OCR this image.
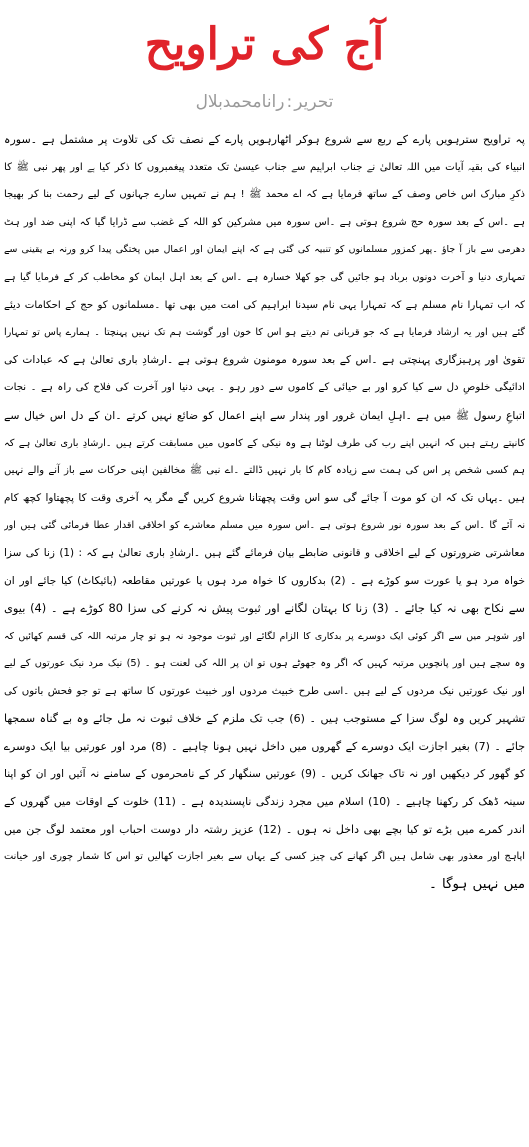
آج کی تراویح
تحریر:رانامحمدبلال
پہ تراویح سترہویں پارے کے ربع سے شروع ہوکر اٹھارہویں پارے کے نصف تک کی تلاوت پر مشتمل ہے ۔سورہ
انبیاء کی بقیہ آیات میں اللہ تعالیٰ نے جناب ابراہیم سے جناب عیسیٰ تک متعدد پیغمبروں کا ذکر کیا ہے اور پھر نبی ﷺ کا
ذکرِ مبارک اس خاص وصف کے ساتھ فرمایا ہے کہ اے محمد ﷺ ! ہم نے تمہیں سارے جہانوں کے لیے رحمت بنا کر بھیجا
ہے ۔اس کے بعد سورہ حج شروع ہوتی ہے ۔اس سورہ میں مشرکین کو اللہ کے غضب سے ڈرایا گیا کہ اپنی ضد اور ہٹ
دھرمی سے باز آ جاؤ ۔پھر کمزور مسلمانوں کو تنبیہ کی گئی ہے کہ اپنے ایمان اور اعمال میں پختگی پیدا کرو ورنہ بے یقینی سے
تمہاری دنیا و آخرت دونوں برباد ہو جائیں گی جو کھلا خسارہ ہے ۔اس کے بعد اہل ایمان کو مخاطب کر کے فرمایا گیا ہے
کہ اب تمہارا نام مسلم ہے کہ تمہارا یہی نام سیدنا ابراہیم کی امت میں بھی تھا ۔مسلمانوں کو حج کے احکامات دیئے
گئے ہیں اور یہ ارشاد فرمایا ہے کہ جو قربانی تم دیتے ہو اس کا خون اور گوشت ہم تک نہیں پہنچتا ۔ ہمارے پاس تو تمہارا
تقویٰ اور پرہیزگاری پہنچتی ہے ۔اس کے بعد سورہ مومنون شروع ہوتی ہے ۔ارشادِ باری تعالیٰ ہے کہ عبادات کی
ادائیگی خلوصِ دل سے کیا کرو اور بے حیائی کے کاموں سے دور رہو ۔ یہی دنیا اور آخرت کی فلاح کی راہ ہے ۔ نجات
اتباعِ رسول ﷺ میں ہے ۔اہلِ ایمان غرور اور پندار سے اپنے اعمال کو ضائع نہیں کرتے ۔ان کے دل اس خیال سے
کانپتے رہتے ہیں کہ انہیں اپنے رب کی طرف لوٹنا ہے وہ نیکی کے کاموں میں مسابقت کرتے ہیں ۔ارشادِ باری تعالیٰ ہے کہ
ہم کسی شخص پر اس کی ہمت سے زیادہ کام کا بار نہیں ڈالتے ۔اے نبی ﷺ مخالفین اپنی حرکات سے باز آنے والے نہیں
ہیں ۔یہاں تک کہ ان کو موت آ جائے گی سو اس وقت پچھتانا شروع کریں گے مگر یہ آخری وقت کا پچھتاوا کچھ کام
نہ آئے گا ۔اس کے بعد سورہ نور شروع ہوتی ہے ۔اس سورہ میں مسلم معاشرے کو اخلاقی اقدار عطا فرمائی گئی ہیں اور
معاشرتی ضرورتوں کے لیے اخلاقی و قانونی ضابطے بیان فرمائے گئے ہیں ۔ارشادِ باری تعالیٰ ہے کہ : (1) زنا کی سزا
خواہ مرد ہو یا عورت سو کوڑے ہے ۔ (2) بدکاروں کا خواہ مرد ہوں یا عورتیں مقاطعہ (بائیکاٹ) کیا جائے اور ان
سے نکاح بھی نہ کیا جائے ۔ (3) زنا کا بہتان لگانے اور ثبوت پیش نہ کرنے کی سزا 80 کوڑے ہے ۔ (4) بیوی
اور شوہر میں سے اگر کوئی ایک دوسرے پر بدکاری کا الزام لگائے اور ثبوت موجود نہ ہو تو چار مرتبہ اللہ کی قسم کھائیں کہ
وہ سچے ہیں اور پانچویں مرتبہ کہیں کہ اگر وہ جھوٹے ہوں تو ان پر اللہ کی لعنت ہو ۔ (5) نیک مرد نیک عورتوں کے لیے
اور نیک عورتیں نیک مردوں کے لیے ہیں ۔اسی طرح خبیث مردوں اور خبیث عورتوں کا ساتھ ہے تو جو فحش باتوں کی
تشہیر کریں وہ لوگ سزا کے مستوجب ہیں ۔ (6) جب تک ملزم کے خلاف ثبوت نہ مل جائے وہ بے گناہ سمجھا
جائے ۔ (7) بغیر اجازت ایک دوسرے کے گھروں میں داخل نہیں ہونا چاہیے ۔ (8) مرد اور عورتیں بیا ایک دوسرے
کو گھور کر دیکھیں اور نہ تاک جھانک کریں ۔ (9) عورتیں سنگھار کر کے نامحرموں کے سامنے نہ آئیں اور ان کو اپنا
سینہ ڈھک کر رکھنا چاہیے ۔ (10) اسلام میں مجرد زندگی ناپسندیدہ ہے ۔ (11) خلوت کے اوقات میں گھروں کے
اندر کمرے میں بڑے تو کیا بچے بھی داخل نہ ہوں ۔ (12) عزیز رشتہ دار دوست احباب اور معتمد لوگ جن میں
اپاہج اور معذور بھی شامل ہیں اگر کھانے کی چیز کسی کے یہاں سے بغیر اجازت کھالیں تو اس کا شمار چوری اور خیانت
میں نہیں ہوگا ۔
